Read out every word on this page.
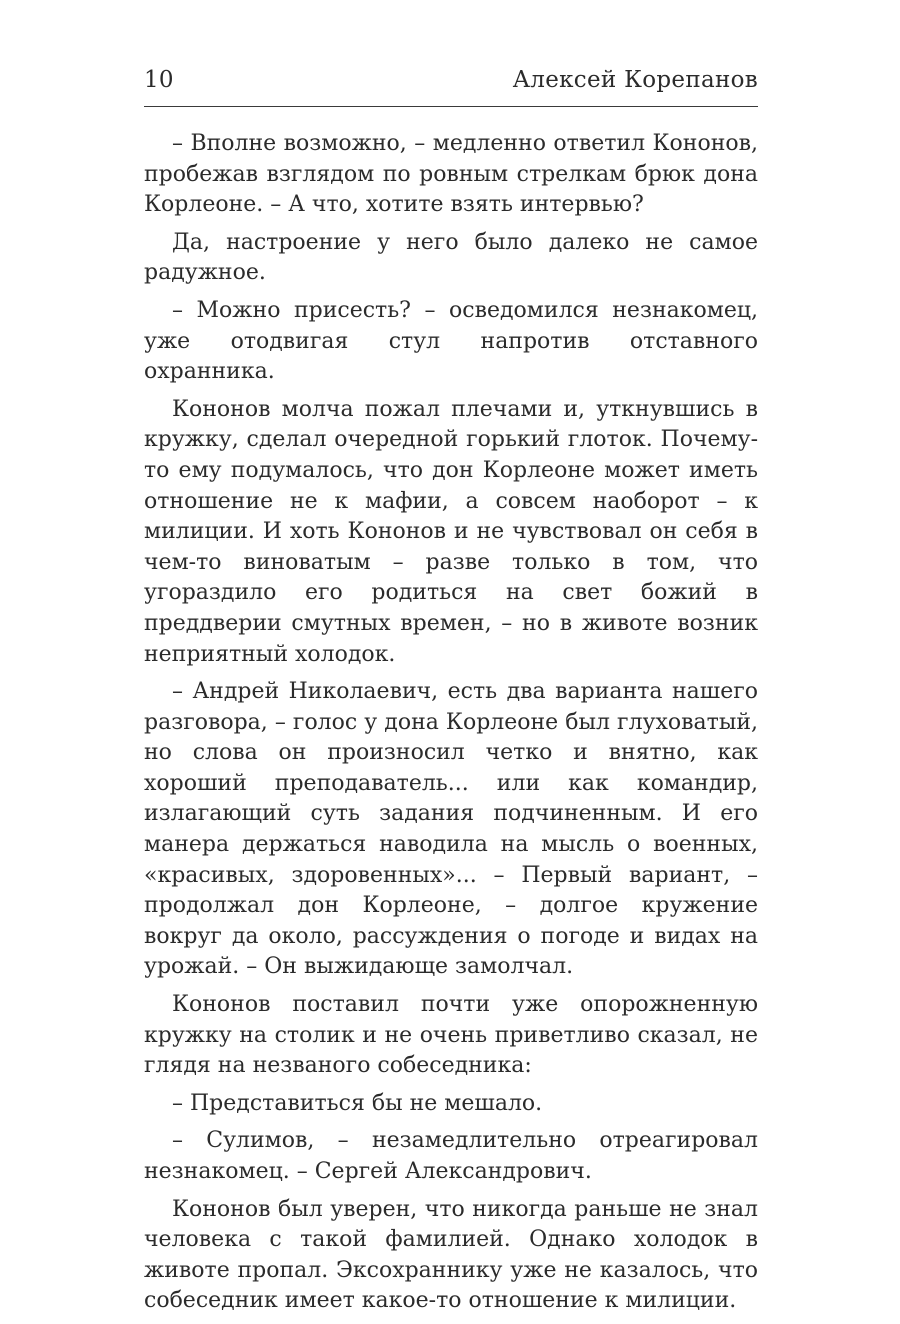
10	Алексей Корепанов

– Вполне возможно, – медленно ответил Кононов, пробежав взглядом по ровным стрелкам брюк дона Корлеоне. – А что, хотите взять интервью?

Да, настроение у него было далеко не самое радужное.

– Можно присесть? – осведомился незнакомец, уже отодвигая стул напротив отставного охранника.

Кононов молча пожал плечами и, уткнувшись в кружку, сделал очередной горький глоток. Почему-то ему подумалось, что дон Корлеоне может иметь отношение не к мафии, а совсем наоборот – к милиции. И хоть Кононов и не чувствовал он себя в чем-то виноватым – разве только в том, что угораздило его родиться на свет божий в преддверии смутных времен, – но в животе возник неприятный холодок.

– Андрей Николаевич, есть два варианта нашего разговора, – голос у дона Корлеоне был глуховатый, но слова он произносил четко и внятно, как хороший преподаватель... или как командир, излагающий суть задания подчиненным. И его манера держаться наводила на мысль о военных, «красивых, здоровенных»... – Первый вариант, – продолжал дон Корлеоне, – долгое кружение вокруг да около, рассуждения о погоде и видах на урожай. – Он выжидающе замолчал.

Кононов поставил почти уже опорожненную кружку на столик и не очень приветливо сказал, не глядя на незваного собеседника:

– Представиться бы не мешало.

– Сулимов, – незамедлительно отреагировал незнакомец. – Сергей Александрович.

Кононов был уверен, что никогда раньше не знал человека с такой фамилией. Однако холодок в животе пропал. Эксохраннику уже не казалось, что собеседник имеет какое-то отношение к милиции.
